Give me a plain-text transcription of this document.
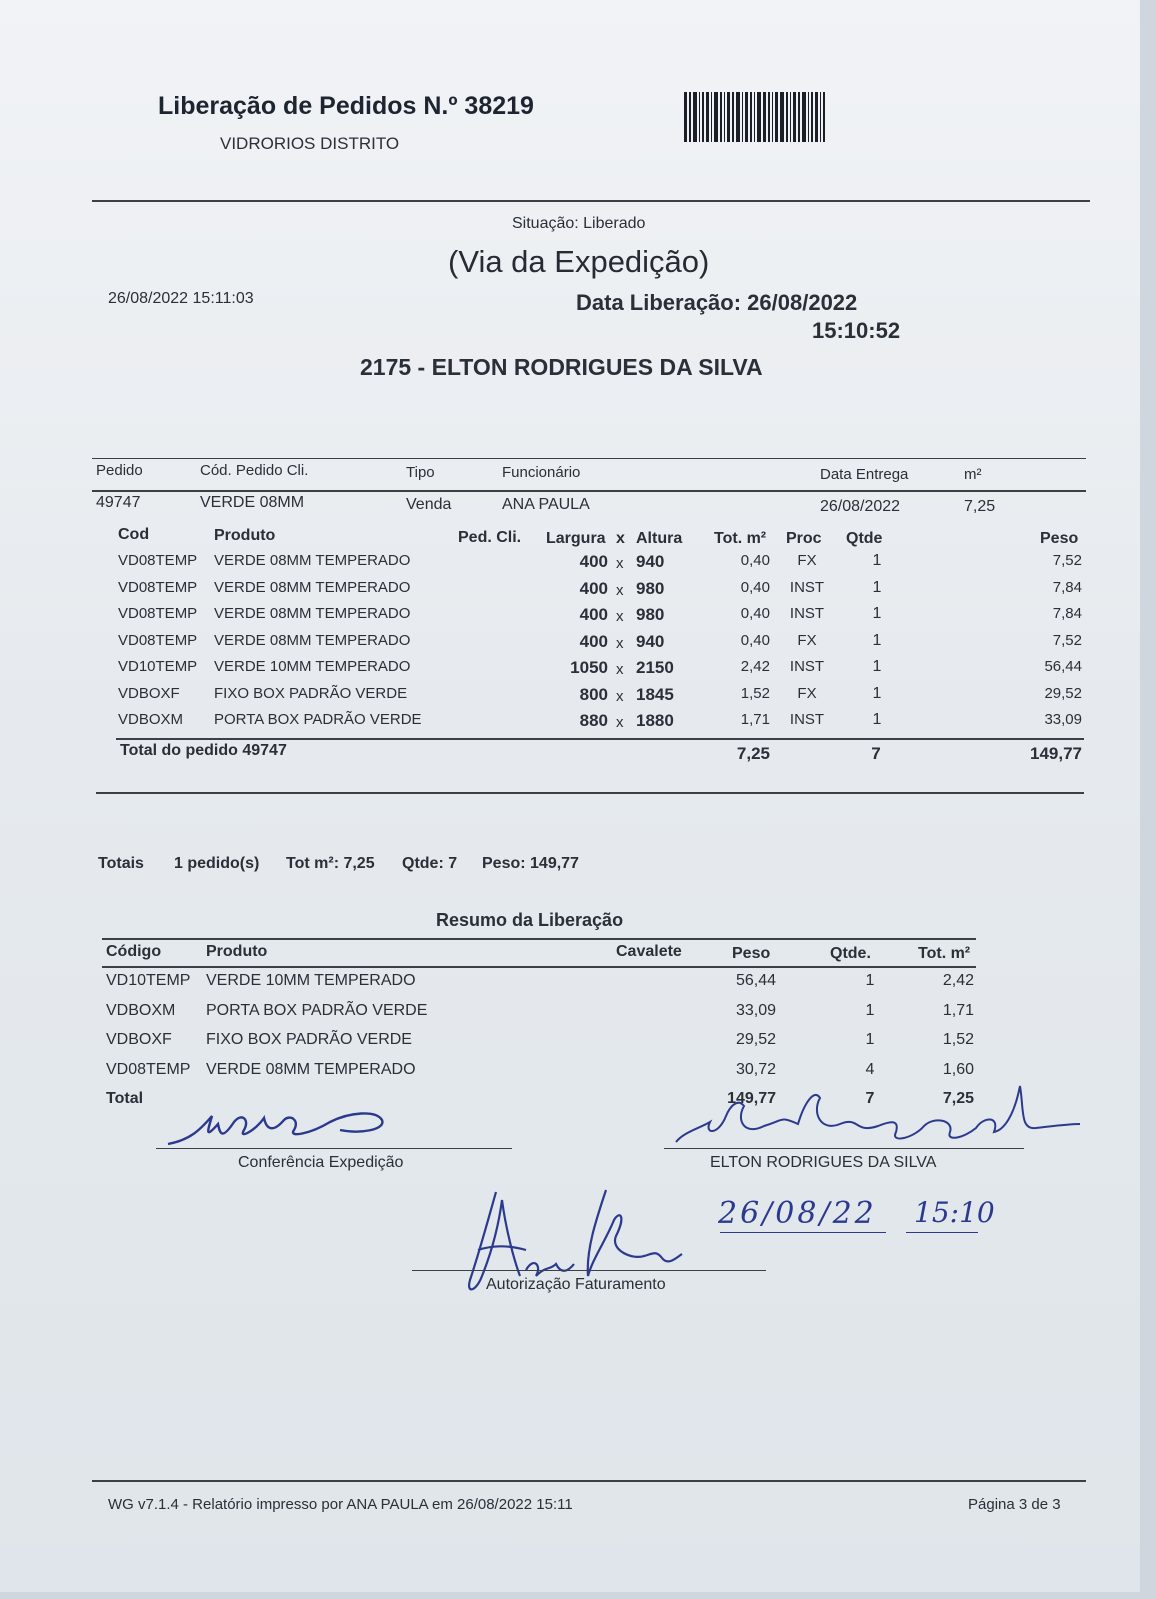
Liberação de Pedidos N.º 38219
VIDRORIOS DISTRITO
Situação: Liberado
(Via da Expedição)
26/08/2022 15:11:03	Data Liberação: 26/08/2022
15:10:52
2175 - ELTON RODRIGUES DA SILVA
Pedido	Cód. Pedido Cli.	Tipo	Funcionário	Data Entrega	m²
49747	VERDE 08MM	Venda	ANA PAULA	26/08/2022	7,25
Cod	Produto	Ped. Cli. Largura x Altura Tot. m² Proc Qtde	Peso
VD08TEMP VERDE 08MM TEMPERADO	400 x 940	0,40	FX	1	7,52
VD08TEMP VERDE 08MM TEMPERADO	400 x 980	0,40 INST	1	7,84
VD08TEMP VERDE 08MM TEMPERADO	400 x 980	0,40 INST	1	7,84
VD08TEMP VERDE 08MM TEMPERADO	400 x 940	0,40	FX	1	7,52
VD10TEMP VERDE 10MM TEMPERADO	1050 x 2150	2,42 INST	1	56,44
VDBOXF FIXO BOX PADRÃO VERDE	800 x 1845	1,52	FX	1	29,52
VDBOXM PORTA BOX PADRÃO VERDE	880 x 1880	1,71 INST	1	33,09
Total do pedido 49747	7,25	7	149,77
Totais 1 pedido(s) Tot m²: 7,25 Qtde: 7 Peso: 149,77
Resumo da Liberação
Código	Produto	Cavalete	Peso	Qtde.	Tot. m²
VD10TEMP VERDE 10MM TEMPERADO	56,44	1	2,42
VDBOXM PORTA BOX PADRÃO VERDE	33,09	1	1,71
VDBOXF FIXO BOX PADRÃO VERDE	29,52	1	1,52
VD08TEMP VERDE 08MM TEMPERADO	30,72	4	1,60
Total	149,77	7	7,25
Conferência Expedição	ELTON RODRIGUES DA SILVA
26/08/22 15:10
Autorização Faturamento
WG v7.1.4 - Relatório impresso por ANA PAULA em 26/08/2022 15:11	Página 3 de 3
